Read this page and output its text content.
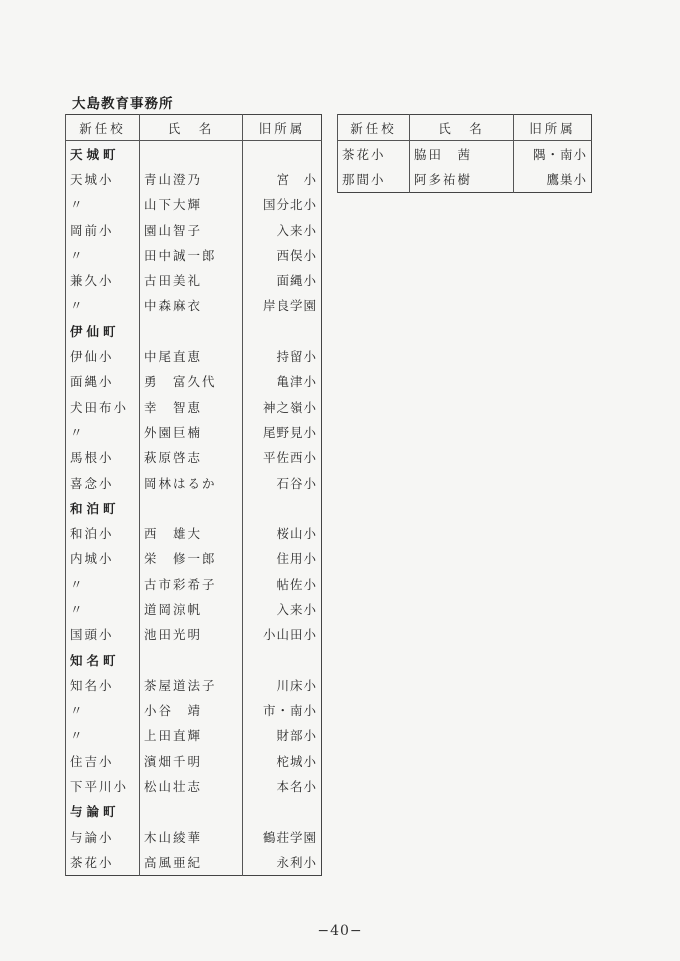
大島教育事務所
新任校	氏　名	旧所属
天城町		
天城小	青山澄乃	宮　小
〃	山下大輝	国分北小
岡前小	園山智子	入来小
〃	田中誠一郎	西俣小
兼久小	古田美礼	面縄小
〃	中森麻衣	岸良学園
伊仙町		
伊仙小	中尾直恵	持留小
面縄小	勇　富久代	亀津小
犬田布小	幸　智恵	神之嶺小
〃	外園巨楠	尾野見小
馬根小	萩原啓志	平佐西小
喜念小	岡林はるか	石谷小
和泊町		
和泊小	西　雄大	桜山小
内城小	栄　修一郎	住用小
〃	古市彩希子	帖佐小
〃	道岡涼帆	入来小
国頭小	池田光明	小山田小
知名町		
知名小	茶屋道法子	川床小
〃	小谷　靖	市・南小
〃	上田直輝	財部小
住吉小	濱畑千明	柁城小
下平川小	松山壮志	本名小
与論町		
与論小	木山綾華	鶴荘学園
茶花小	高風亜紀	永利小
新任校	氏　名	旧所属
茶花小	脇田　茜	隅・南小
那間小	阿多祐樹	鷹巣小
−40−
